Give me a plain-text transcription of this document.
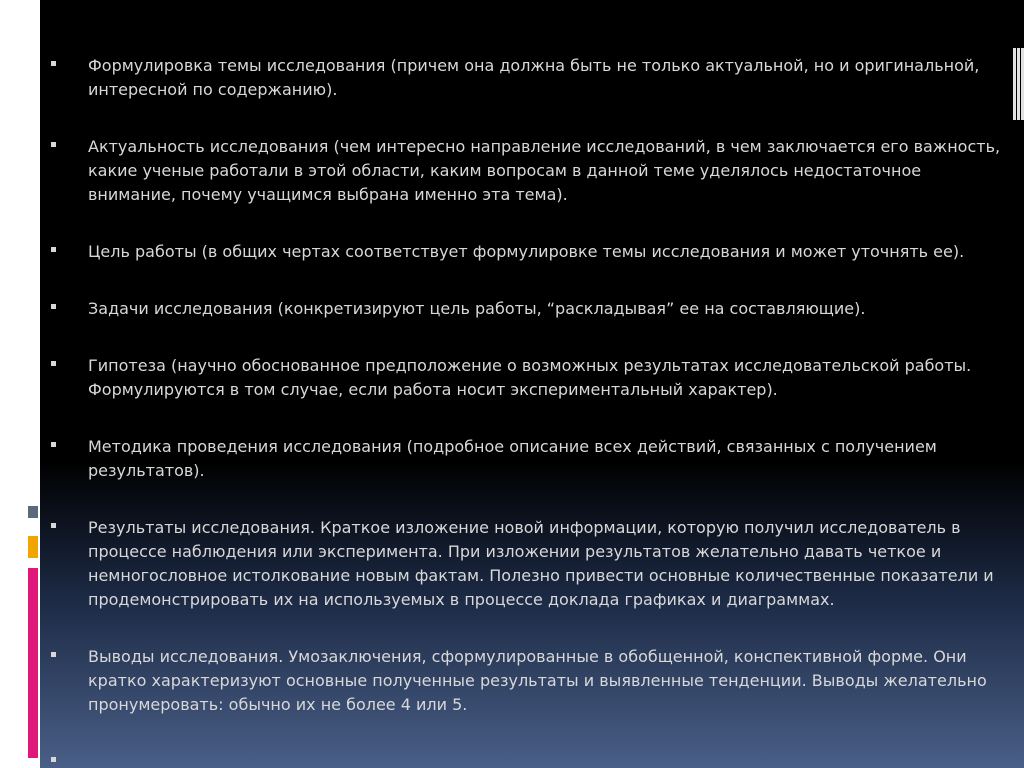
Формулировка темы исследования (причем она должна быть не только актуальной, но и оригинальной, интересной по содержанию).
Актуальность исследования (чем интересно направление исследований, в чем заключается его важность, какие ученые работали в этой области, каким вопросам в данной теме уделялось недостаточное внимание, почему учащимся выбрана именно эта тема).
Цель работы (в общих чертах соответствует формулировке темы исследования и может уточнять ее).
Задачи исследования (конкретизируют цель работы, “раскладывая” ее на составляющие).
Гипотеза (научно обоснованное предположение о возможных результатах исследовательской работы. Формулируются в том случае, если работа носит экспериментальный характер).
Методика проведения исследования (подробное описание всех действий, связанных с получением результатов).
Результаты исследования. Краткое изложение новой информации, которую получил исследователь в процессе наблюдения или эксперимента. При изложении результатов желательно давать четкое и немногословное истолкование новым фактам. Полезно привести основные количественные показатели и продемонстрировать их на используемых в процессе доклада графиках и диаграммах.
Выводы исследования. Умозаключения, сформулированные в обобщенной, конспективной форме. Они кратко характеризуют основные полученные результаты и выявленные тенденции. Выводы желательно пронумеровать: обычно их не более 4 или 5.
